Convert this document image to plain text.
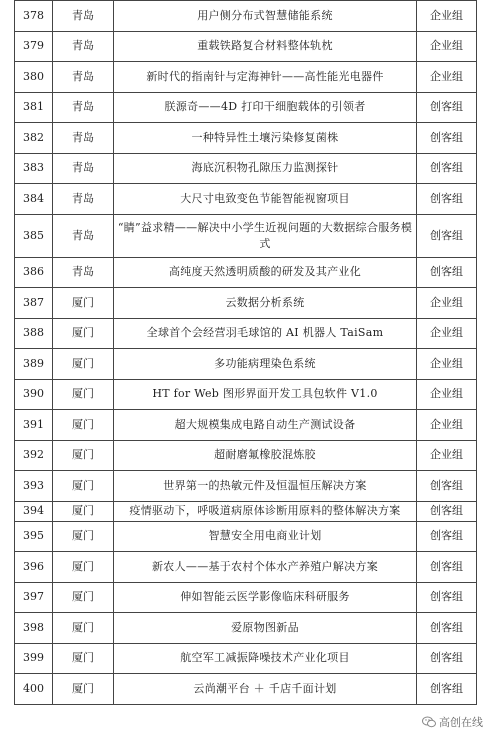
378	青岛	用户侧分布式智慧储能系统	企业组
379	青岛	重载铁路复合材料整体轨枕	企业组
380	青岛	新时代的指南针与定海神针——高性能光电器件	企业组
381	青岛	朕源奇——4D 打印干细胞载体的引领者	创客组
382	青岛	一种特异性土壤污染修复菌株	创客组
383	青岛	海底沉积物孔隙压力监测探针	创客组
384	青岛	大尺寸电致变色节能智能视窗项目	创客组
385	青岛	“睛”益求精——解决中小学生近视问题的大数据综合服务模式	创客组
386	青岛	高纯度天然透明质酸的研发及其产业化	创客组
387	厦门	云数据分析系统	企业组
388	厦门	全球首个会经营羽毛球馆的 AI 机器人 TaiSam	企业组
389	厦门	多功能病理染色系统	企业组
390	厦门	HT for Web 图形界面开发工具包软件 V1.0	企业组
391	厦门	超大规模集成电路自动生产测试设备	企业组
392	厦门	超耐磨氟橡胶混炼胶	企业组
393	厦门	世界第一的热敏元件及恒温恒压解决方案	创客组
394	厦门	疫情驱动下，呼吸道病原体诊断用原料的整体解决方案	创客组
395	厦门	智慧安全用电商业计划	创客组
396	厦门	新农人——基于农村个体水产养殖户解决方案	创客组
397	厦门	伸如智能云医学影像临床科研服务	创客组
398	厦门	爱原物图新品	创客组
399	厦门	航空军工减振降噪技术产业化项目	创客组
400	厦门	云尚潮平台 ＋ 千店千面计划	创客组
高创在线
